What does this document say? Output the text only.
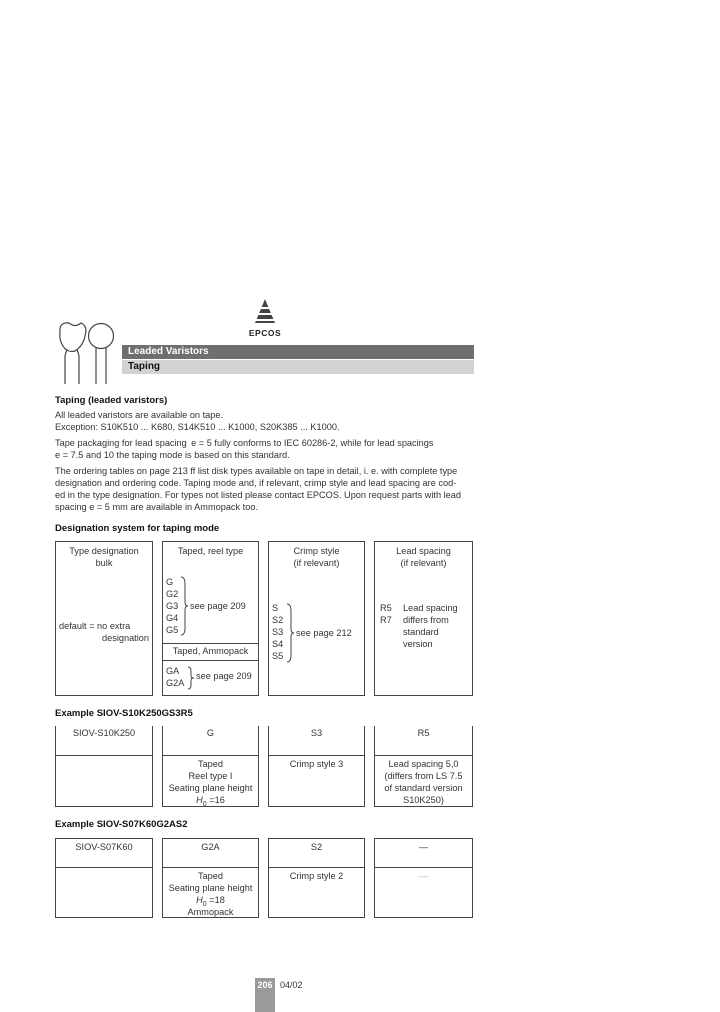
EPCOS
Leaded Varistors
Taping
Taping (leaded varistors)
All leaded varistors are available on tape.
Exception: S10K510 ... K680, S14K510 ... K1000, S20K385 ... K1000.
Tape packaging for lead spacing  e = 5 fully conforms to IEC 60286-2, while for lead spacings
e = 7.5 and 10 the taping mode is based on this standard.
The ordering tables on page 213 ff list disk types available on tape in detail, i. e. with complete type
designation and ordering code. Taping mode and, if relevant, crimp style and lead spacing are cod-
ed in the type designation. For types not listed please contact EPCOS. Upon request parts with lead
spacing e = 5 mm are available in Ammopack too.
Designation system for taping mode
Type designation
bulk
default = no extra
designation
Taped, reel type
G
G2
G3
G4
G5
see page 209
Taped, Ammopack
GA
G2A
see page 209
Crimp style
(if relevant)
S
S2
S3
S4
S5
see page 212
Lead spacing
(if relevant)
R5
R7
Lead spacing
differs from
standard
version
Example SIOV-S10K250GS3R5
SIOV-S10K250	G
Taped
Reel type I
Seating plane height
$H_0 =16$
S3
Crimp style 3
R5
Lead spacing 5,0
(differs from LS 7.5
of standard version
S10K250)
Example SIOV-S07K60G2AS2
SIOV-S07K60	G2A
Taped
Seating plane height
$H_0 =18$
Ammopack
S2
Crimp style 2
—
—
206 04/02
